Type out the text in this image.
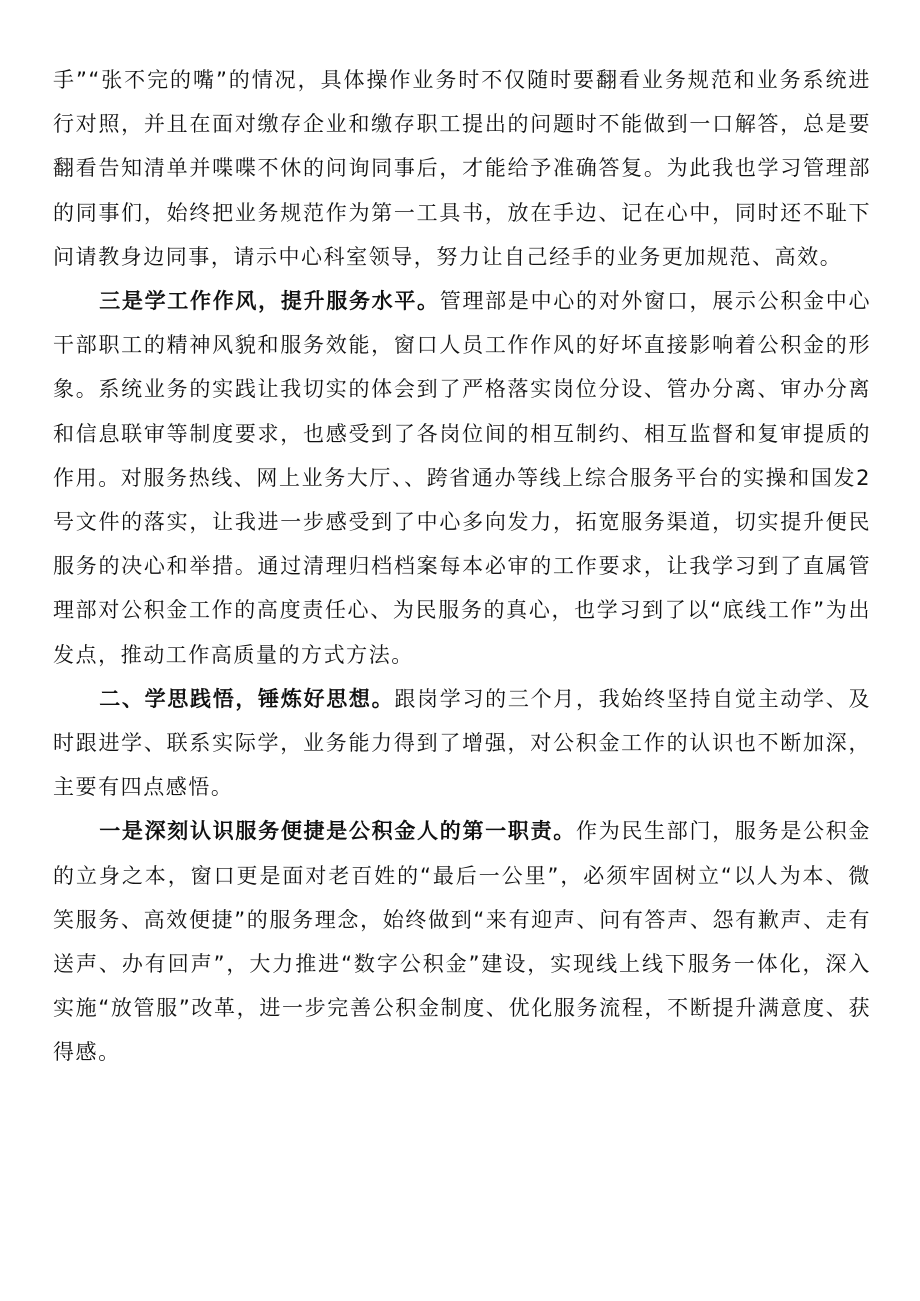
手”“张不完的嘴”的情况，具体操作业务时不仅随时要翻看业务规范和业务系统进行对照，并且在面对缴存企业和缴存职工提出的问题时不能做到一口解答，总是要翻看告知清单并喋喋不休的问询同事后，才能给予准确答复。为此我也学习管理部的同事们，始终把业务规范作为第一工具书，放在手边、记在心中，同时还不耻下问请教身边同事，请示中心科室领导，努力让自己经手的业务更加规范、高效。

三是学工作作风，提升服务水平。管理部是中心的对外窗口，展示公积金中心干部职工的精神风貌和服务效能，窗口人员工作作风的好坏直接影响着公积金的形象。系统业务的实践让我切实的体会到了严格落实岗位分设、管办分离、审办分离和信息联审等制度要求，也感受到了各岗位间的相互制约、相互监督和复审提质的作用。对服务热线、网上业务大厅、、跨省通办等线上综合服务平台的实操和国发2号文件的落实，让我进一步感受到了中心多向发力，拓宽服务渠道，切实提升便民服务的决心和举措。通过清理归档档案每本必审的工作要求，让我学习到了直属管理部对公积金工作的高度责任心、为民服务的真心，也学习到了以“底线工作”为出发点，推动工作高质量的方式方法。

二、学思践悟，锤炼好思想。跟岗学习的三个月，我始终坚持自觉主动学、及时跟进学、联系实际学，业务能力得到了增强，对公积金工作的认识也不断加深，主要有四点感悟。

一是深刻认识服务便捷是公积金人的第一职责。作为民生部门，服务是公积金的立身之本，窗口更是面对老百姓的“最后一公里”，必须牢固树立“以人为本、微笑服务、高效便捷”的服务理念，始终做到“来有迎声、问有答声、怨有歉声、走有送声、办有回声”，大力推进“数字公积金”建设，实现线上线下服务一体化，深入实施“放管服”改革，进一步完善公积金制度、优化服务流程，不断提升满意度、获得感。
